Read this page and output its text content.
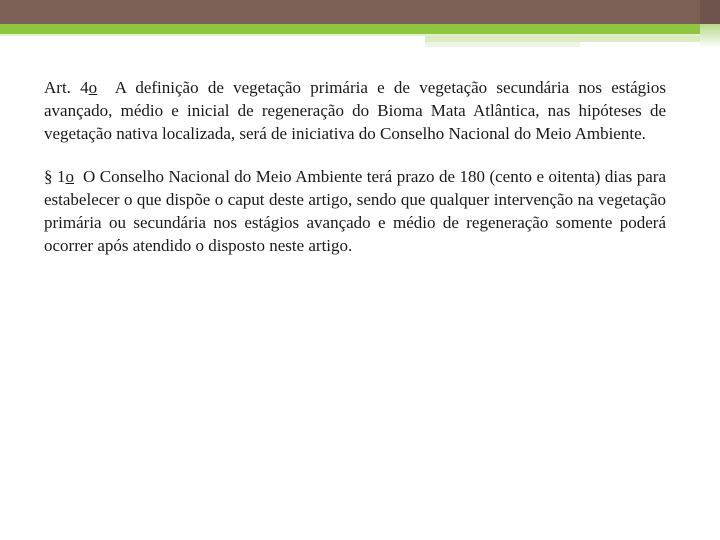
Art. 4o A definição de vegetação primária e de vegetação secundária nos estágios avançado, médio e inicial de regeneração do Bioma Mata Atlântica, nas hipóteses de vegetação nativa localizada, será de iniciativa do Conselho Nacional do Meio Ambiente.

§ 1o O Conselho Nacional do Meio Ambiente terá prazo de 180 (cento e oitenta) dias para estabelecer o que dispõe o caput deste artigo, sendo que qualquer intervenção na vegetação primária ou secundária nos estágios avançado e médio de regeneração somente poderá ocorrer após atendido o disposto neste artigo.
